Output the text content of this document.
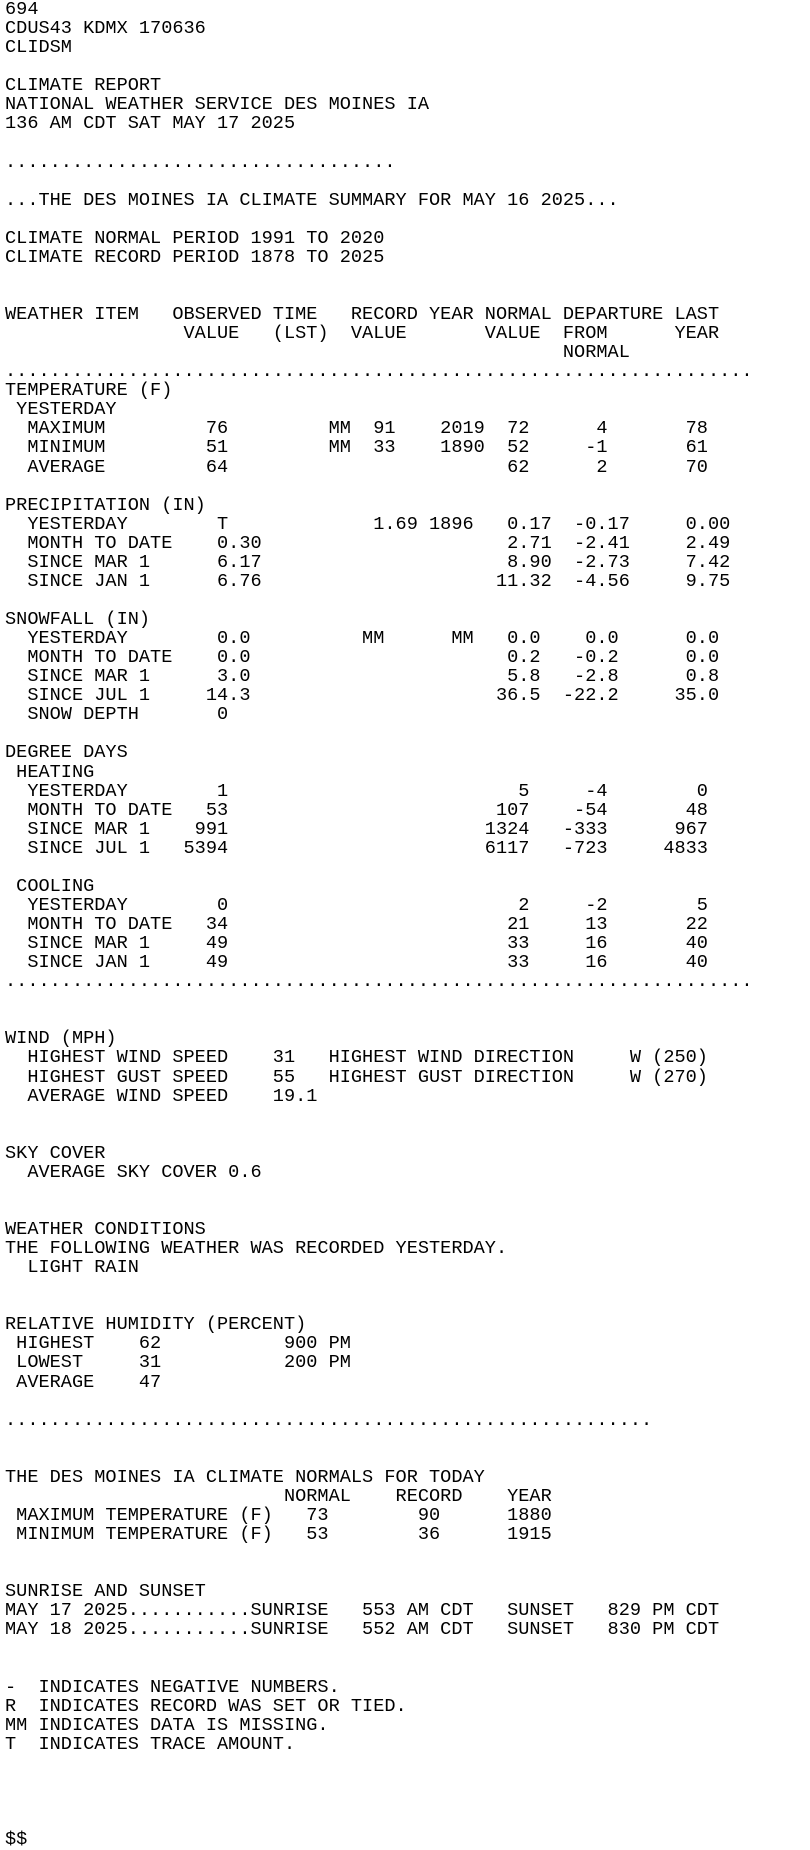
694
CDUS43 KDMX 170636
CLIDSM
CLIMATE REPORT
NATIONAL WEATHER SERVICE DES MOINES IA
136 AM CDT SAT MAY 17 2025
...................................
...THE DES MOINES IA CLIMATE SUMMARY FOR MAY 16 2025...
CLIMATE NORMAL PERIOD 1991 TO 2020
CLIMATE RECORD PERIOD 1878 TO 2025
WEATHER ITEM   OBSERVED TIME   RECORD YEAR NORMAL DEPARTURE LAST
VALUE   (LST)  VALUE       VALUE  FROM      YEAR
NORMAL
...................................................................
TEMPERATURE (F)
YESTERDAY
MAXIMUM         76         MM  91    2019  72      4       78
MINIMUM         51         MM  33    1890  52     -1       61
AVERAGE         64                         62      2       70
PRECIPITATION (IN)
YESTERDAY        T             1.69 1896   0.17  -0.17     0.00
MONTH TO DATE    0.30                      2.71  -2.41     2.49
SINCE MAR 1      6.17                      8.90  -2.73     7.42
SINCE JAN 1      6.76                     11.32  -4.56     9.75
SNOWFALL (IN)
YESTERDAY        0.0          MM      MM   0.0    0.0      0.0
MONTH TO DATE    0.0                       0.2   -0.2      0.0
SINCE MAR 1      3.0                       5.8   -2.8      0.8
SINCE JUL 1     14.3                      36.5  -22.2     35.0
SNOW DEPTH       0
DEGREE DAYS
HEATING
YESTERDAY        1                          5     -4        0
MONTH TO DATE   53                        107    -54       48
SINCE MAR 1    991                       1324   -333      967
SINCE JUL 1   5394                       6117   -723     4833
COOLING
YESTERDAY        0                          2     -2        5
MONTH TO DATE   34                         21     13       22
SINCE MAR 1     49                         33     16       40
SINCE JAN 1     49                         33     16       40
...................................................................
WIND (MPH)
HIGHEST WIND SPEED    31   HIGHEST WIND DIRECTION     W (250)
HIGHEST GUST SPEED    55   HIGHEST GUST DIRECTION     W (270)
AVERAGE WIND SPEED    19.1
SKY COVER
AVERAGE SKY COVER 0.6
WEATHER CONDITIONS
THE FOLLOWING WEATHER WAS RECORDED YESTERDAY.
LIGHT RAIN
RELATIVE HUMIDITY (PERCENT)
HIGHEST    62           900 PM
LOWEST     31           200 PM
AVERAGE    47
..........................................................
THE DES MOINES IA CLIMATE NORMALS FOR TODAY
NORMAL    RECORD    YEAR
MAXIMUM TEMPERATURE (F)   73        90      1880
MINIMUM TEMPERATURE (F)   53        36      1915
SUNRISE AND SUNSET
MAY 17 2025...........SUNRISE   553 AM CDT   SUNSET   829 PM CDT
MAY 18 2025...........SUNRISE   552 AM CDT   SUNSET   830 PM CDT
-  INDICATES NEGATIVE NUMBERS.
R  INDICATES RECORD WAS SET OR TIED.
MM INDICATES DATA IS MISSING.
T  INDICATES TRACE AMOUNT.
$$
